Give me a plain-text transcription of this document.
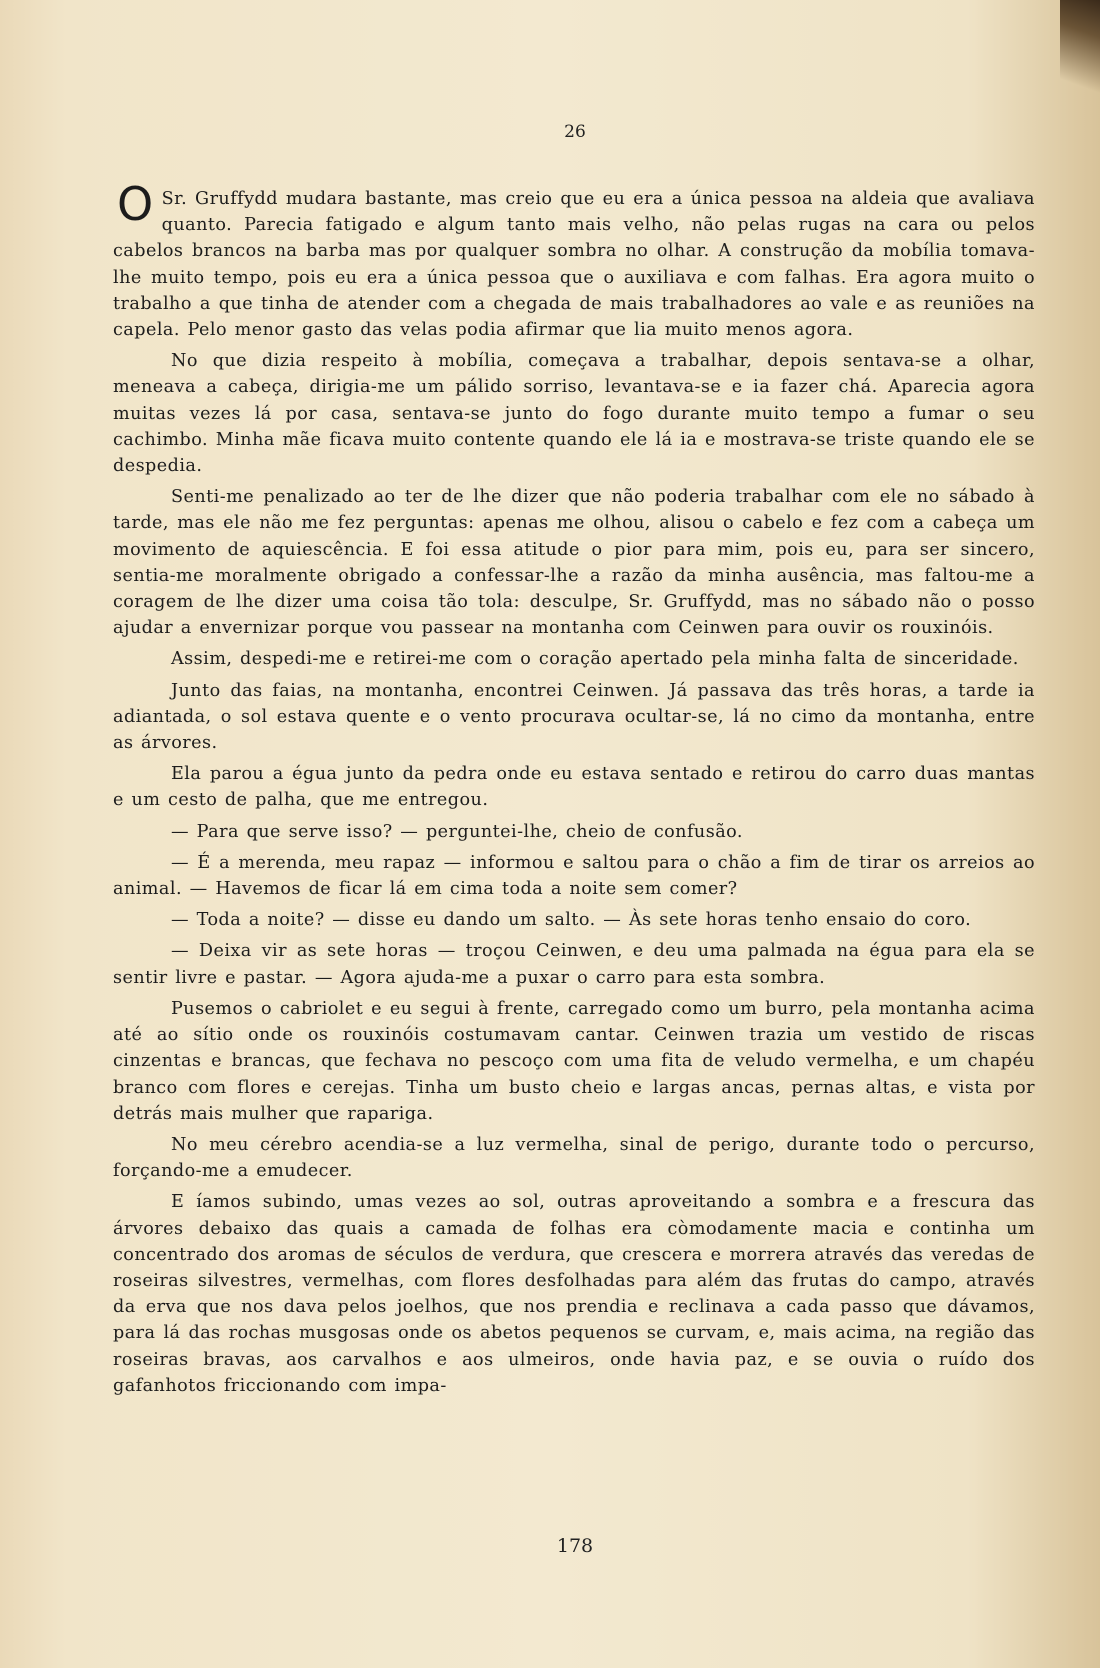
26

O Sr. Gruffydd mudara bastante, mas creio que eu era a única pessoa na aldeia que avaliava quanto. Parecia fatigado e algum tanto mais velho, não pelas rugas na cara ou pelos cabelos brancos na barba mas por qualquer sombra no olhar. A construção da mobília tomava-lhe muito tempo, pois eu era a única pessoa que o auxiliava e com falhas. Era agora muito o trabalho a que tinha de atender com a chegada de mais trabalhadores ao vale e as reuniões na capela. Pelo menor gasto das velas podia afirmar que lia muito menos agora.

No que dizia respeito à mobília, começava a trabalhar, depois sentava-se a olhar, meneava a cabeça, dirigia-me um pálido sorriso, levantava-se e ia fazer chá. Aparecia agora muitas vezes lá por casa, sentava-se junto do fogo durante muito tempo a fumar o seu cachimbo. Minha mãe ficava muito contente quando ele lá ia e mostrava-se triste quando ele se despedia.

Senti-me penalizado ao ter de lhe dizer que não poderia trabalhar com ele no sábado à tarde, mas ele não me fez perguntas: apenas me olhou, alisou o cabelo e fez com a cabeça um movimento de aquiescência. E foi essa atitude o pior para mim, pois eu, para ser sincero, sentia-me moralmente obrigado a confessar-lhe a razão da minha ausência, mas faltou-me a coragem de lhe dizer uma coisa tão tola: desculpe, Sr. Gruffydd, mas no sábado não o posso ajudar a envernizar porque vou passear na montanha com Ceinwen para ouvir os rouxinóis.

Assim, despedi-me e retirei-me com o coração apertado pela minha falta de sinceridade.

Junto das faias, na montanha, encontrei Ceinwen. Já passava das três horas, a tarde ia adiantada, o sol estava quente e o vento procurava ocultar-se, lá no cimo da montanha, entre as árvores.

Ela parou a égua junto da pedra onde eu estava sentado e retirou do carro duas mantas e um cesto de palha, que me entregou.

— Para que serve isso? — perguntei-lhe, cheio de confusão.

— É a merenda, meu rapaz — informou e saltou para o chão a fim de tirar os arreios ao animal. — Havemos de ficar lá em cima toda a noite sem comer?

— Toda a noite? — disse eu dando um salto. — Às sete horas tenho ensaio do coro.

— Deixa vir as sete horas — troçou Ceinwen, e deu uma palmada na égua para ela se sentir livre e pastar. — Agora ajuda-me a puxar o carro para esta sombra.

Pusemos o cabriolet e eu segui à frente, carregado como um burro, pela montanha acima até ao sítio onde os rouxinóis costumavam cantar. Ceinwen trazia um vestido de riscas cinzentas e brancas, que fechava no pescoço com uma fita de veludo vermelha, e um chapéu branco com flores e cerejas. Tinha um busto cheio e largas ancas, pernas altas, e vista por detrás mais mulher que rapariga.

No meu cérebro acendia-se a luz vermelha, sinal de perigo, durante todo o percurso, forçando-me a emudecer.

E íamos subindo, umas vezes ao sol, outras aproveitando a sombra e a frescura das árvores debaixo das quais a camada de folhas era còmodamente macia e continha um concentrado dos aromas de séculos de verdura, que crescera e morrera através das veredas de roseiras silvestres, vermelhas, com flores desfolhadas para além das frutas do campo, através da erva que nos dava pelos joelhos, que nos prendia e reclinava a cada passo que dávamos, para lá das rochas musgosas onde os abetos pequenos se curvam, e, mais acima, na região das roseiras bravas, aos carvalhos e aos ulmeiros, onde havia paz, e se ouvia o ruído dos gafanhotos friccionando com impa-

178
